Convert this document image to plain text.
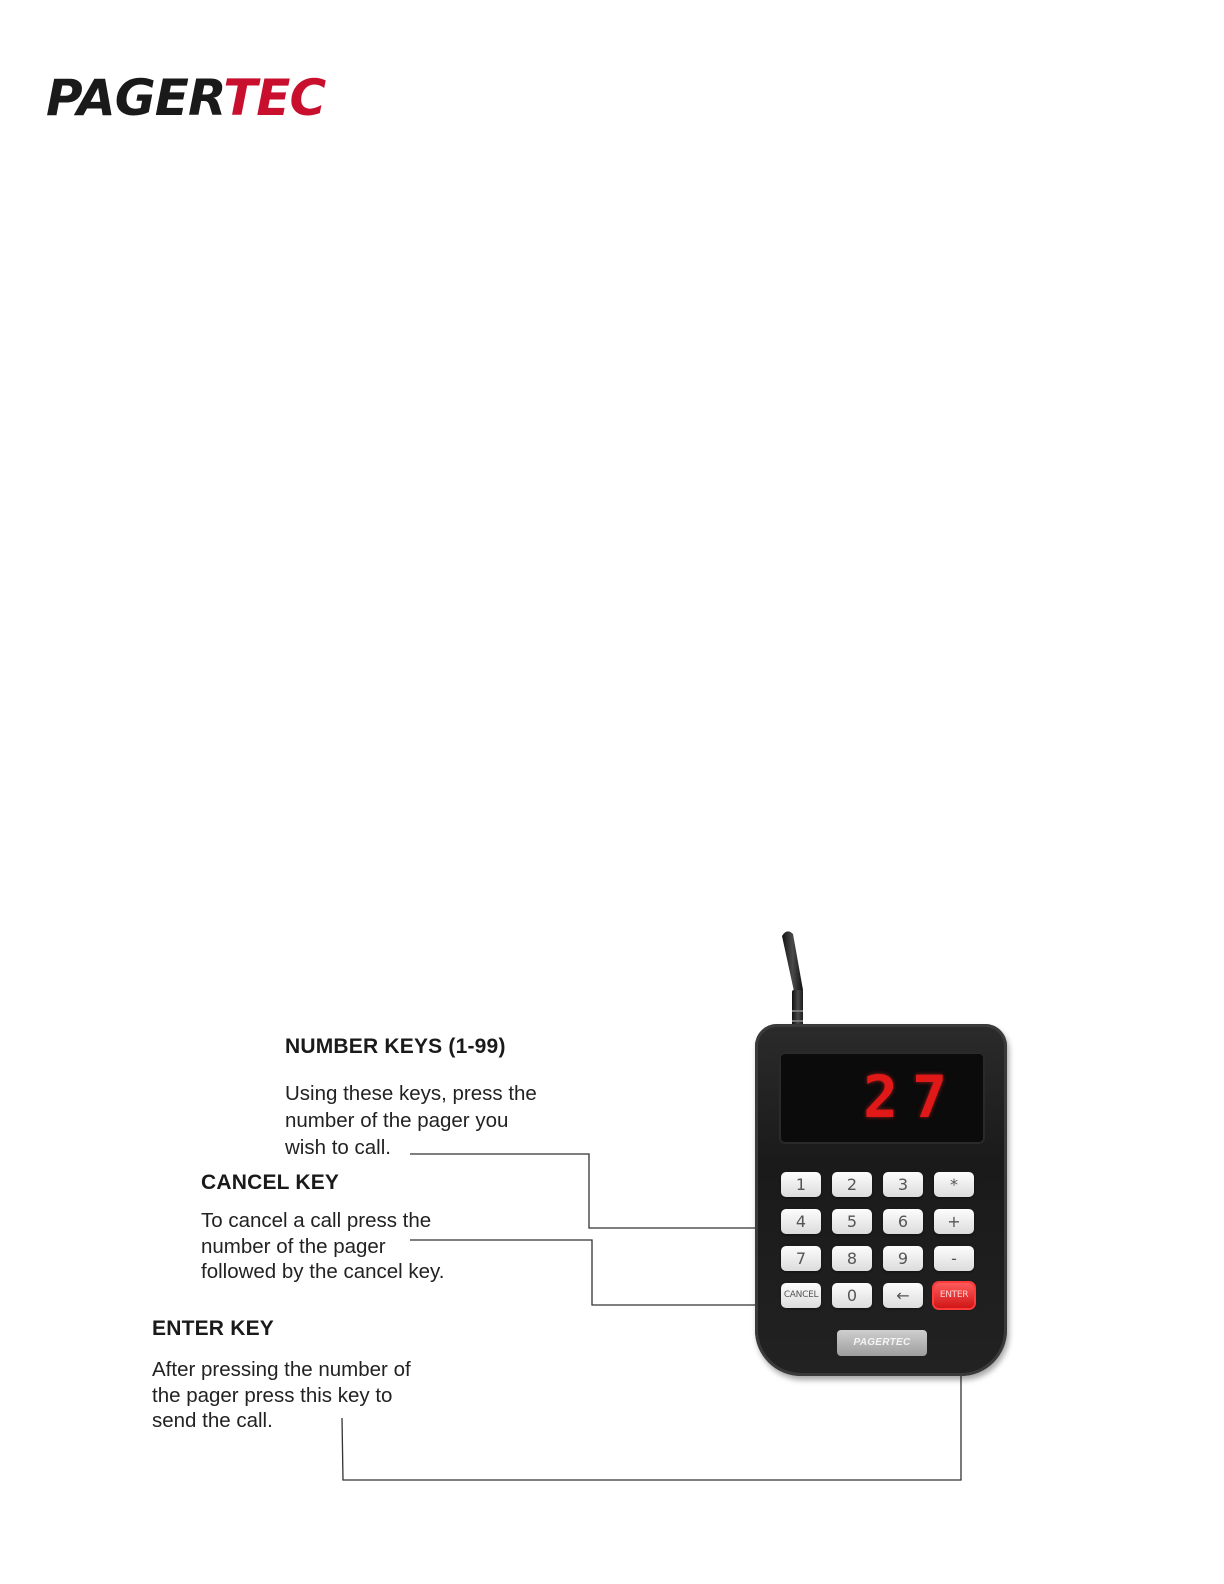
PAGERTEC
NUMBER KEYS (1-99)
Using these keys, press the
number of the pager you
wish to call.
CANCEL KEY
To cancel a call press the
number of the pager
followed by the cancel key.
ENTER KEY
After pressing the number of
the pager press this key to
send the call.
27
1	2	3	*
4	5	6	+
7	8	9	-
CANCEL	0	←	ENTER
PAGERTEC
